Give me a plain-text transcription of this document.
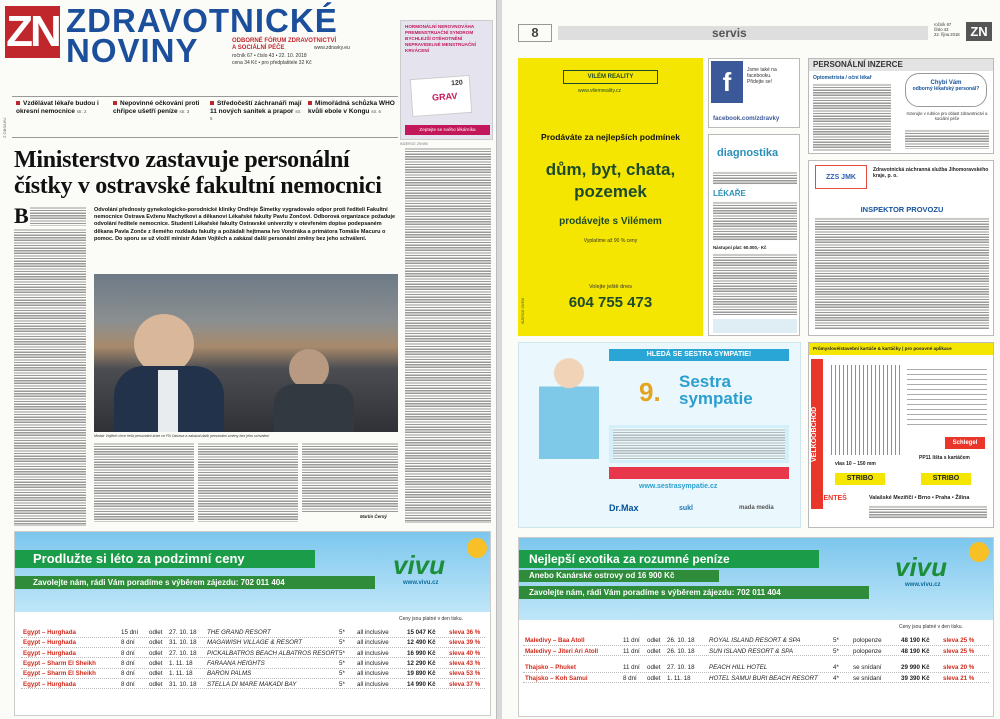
ZN ZDRAVOTNICKÉ
NOVINY	ODBORNÉ FÓRUM ZDRAVOTNICTVÍ
A SOCIÁLNÍ PÉČE	www.zdravky.eu
ročník 67 • číslo 43 • 22. 10. 2018
cena 34 Kč • pro předplatitele 32 Kč
HORMONÁLNÍ NEROVNOVÁHA
PREMENSTRUAČNÍ SYNDROM
BYCHLEJŠÍ OTĚHOTNĚNÍ
NEPRAVIDELNÉ MENSTRUAČNÍ KRVÁCENÍ
GRAV
120
Zeptejte se svého lékárníka
Z OBSAHU
Vzdělávat lékaře budou i okresní nemocnice str. 2
Nepovinné očkování proti chřipce ušetří peníze str. 3
Středočeští záchranáři mají 11 nových sanitek a prapor str. 5
Mimořádná schůzka WHO kvůli ebole v Kongu str. 6
INZERCE 29/490
Ministerstvo zastavuje personální
čístky v ostravské fakultní nemocnici
B	Odvolání přednosty gynekologicko-porodnické kliniky Ondřeje Šimetky vygradovalo odpor proti řediteli Fakultní nemocnice Ostrava Evženu Machytkovi a děkanovi Lékařské fakulty Pavlu Zončovi. Odborová organizace požaduje odvolání ředitele nemocnice. Studenti Lékařské fakulty Ostravské univerzity v otevřeném dopise podepsaném děkana Pavla Zonče z ilemého rozkladu fakulty a požádali hejtmana Ivo Vondráka a primátora Tomáše Macuru o pomoc. Do sporu se už vložil ministr Adam Vojtěch a zakázal další personální změny bez jeho schválení.
Ministr Vojtěch chce řešit personální krize ve FN Ostrava a zakázal další personální změny bez jeho schválení
Martin Černý
Prodlužte si léto za podzimní ceny
Zavolejte nám, rádi Vám poradíme s výběrem zájezdu: 702 011 404
vivu
www.vivu.cz
Ceny jsou platné v den tisku.
Egypt – Hurghada	15 dní odlet 27. 10. 18 THE GRAND RESORT	5* all inclusive	15 047 Kč sleva 36 %
Egypt – Hurghada	8 dní odlet 31. 10. 18 MAGAWISH VILLAGE & RESORT	5* all inclusive	12 490 Kč sleva 39 %
Egypt – Hurghada	8 dní odlet 27. 10. 18 PICKALBATROS BEACH ALBATROS RESORT 5* all inclusive	16 990 Kč sleva 40 %
Egypt – Sharm El Sheikh	8 dní odlet 1. 11. 18 FARAANA HEIGHTS	5* all inclusive	12 290 Kč sleva 43 %
Egypt – Sharm El Sheikh	8 dní odlet 1. 11. 18 BARON PALMS	5* all inclusive	19 890 Kč sleva 53 %
Egypt – Hurghada	8 dní odlet 31. 10. 18 STELLA DI MARE MAKADI BAY	5* all inclusive	14 990 Kč sleva 37 %
8	servis
ročník 67
číslo 43
22. října 2018 ZN
VILÉM REALITY
www.vilemreality.cz
Prodáváte za nejlepších podmínek
dům, byt, chata,
pozemek
prodávejte s Vilémem
Vyplatíme až 90 % ceny
Volejte ještě dnes
604 755 473
INZERCE 29/458
f	Jsme také na facebooku.
Přidejte se!
facebook.com/zdravky
diagnostika
LÉKAŘE
Nástupní plat: 60.000,- Kč
PERSONÁLNÍ INZERCE
Optometrista / oční lékař
Chybí Vám
odborný lékařský personál?
Inzerujte v rubrice pro oblast zdravotnictví a sociální péče
ZZS JMK
Zdravotnická záchranná služba Jihomoravského kraje, p. o.
INSPEKTOR PROVOZU
HLEDÁ SE SESTRA SYMPATIE!
9. Sestra
sympatie
www.sestrasympatie.cz
Dr.Max	sukl	mada media
Průmyslové/stavební kartáče & kartáčky | pro posuvné aplikace
VELKOOBCHOD	Schlegel
PP11 lišta s kartáčem
vlas 10 – 150 mm
STRIBO	STRIBO
OKENTEŠ	Valašské Meziříčí • Brno • Praha • Žilina
Nejlepší exotika za rozumné peníze
Anebo Kanárské ostrovy od 16 900 Kč
Zavolejte nám, rádi Vám poradíme s výběrem zájezdu: 702 011 404
vivu
www.vivu.cz
Ceny jsou platné v den tisku.
Maledivy – Baa Atoll	11 dní odlet 26. 10. 18 ROYAL ISLAND RESORT & SPA	5* polopenze	48 190 Kč sleva 25 %
Maledivy – Jiteri Ari Atoll	11 dní odlet 26. 10. 18 SUN ISLAND RESORT & SPA	5* polopenze	48 190 Kč sleva 25 %
Thajsko – Phuket	11 dní odlet 27. 10. 18 PEACH HILL HOTEL	4* se snídaní	29 990 Kč sleva 20 %
Thajsko – Koh Samui	8 dní odlet 1. 11. 18	HOTEL SAMUI BURI BEACH RESORT 4* se snídaní	39 390 Kč sleva 21 %
